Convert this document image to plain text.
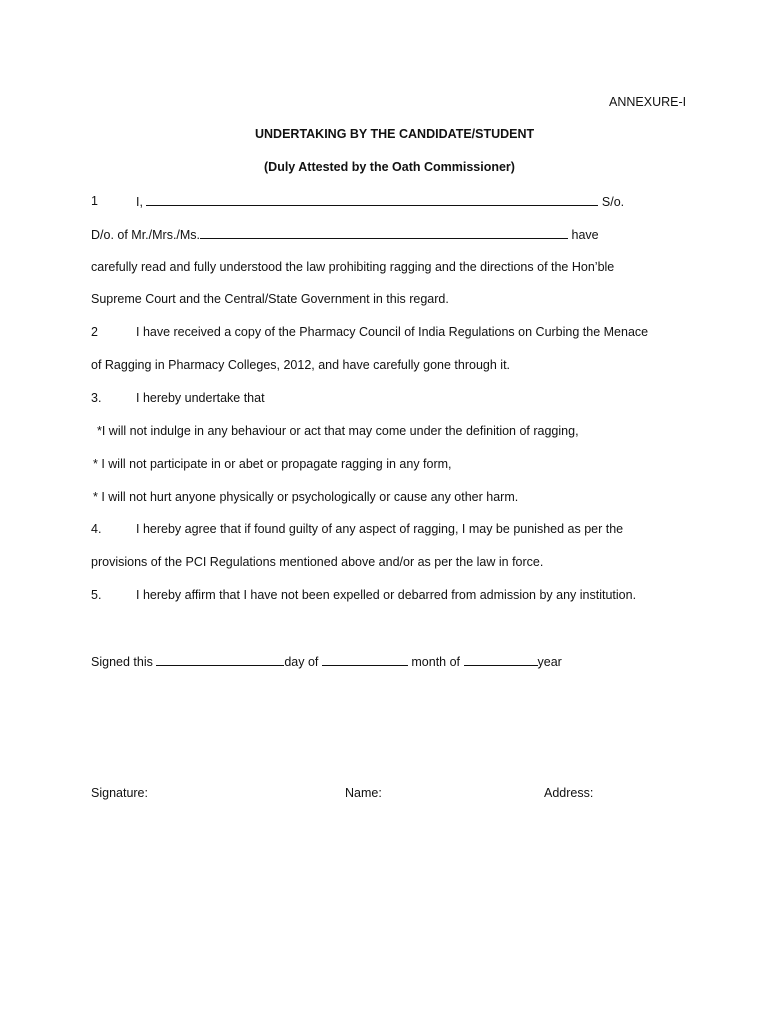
ANNEXURE-I
UNDERTAKING BY THE CANDIDATE/STUDENT
(Duly Attested by the Oath Commissioner)
1	I,	S/o.
D/o. of Mr./Mrs./Ms.	have
carefully read and fully understood the law prohibiting ragging and the directions of the Hon’ble
Supreme Court and the Central/State Government in this regard.
2	I have received a copy of the Pharmacy Council of India Regulations on Curbing the Menace
of Ragging in Pharmacy Colleges, 2012, and have carefully gone through it.
3.	I hereby undertake that
*I will not indulge in any behaviour or act that may come under the definition of ragging,
* I will not participate in or abet or propagate ragging in any form,
* I will not hurt anyone physically or psychologically or cause any other harm.
4.	I hereby agree that if found guilty of any aspect of ragging, I may be punished as per the
provisions of the PCI Regulations mentioned above and/or as per the law in force.
5.	I hereby affirm that I have not been expelled or debarred from admission by any institution.
Signed this	day of	month of	year
Signature:	Name:	Address:
